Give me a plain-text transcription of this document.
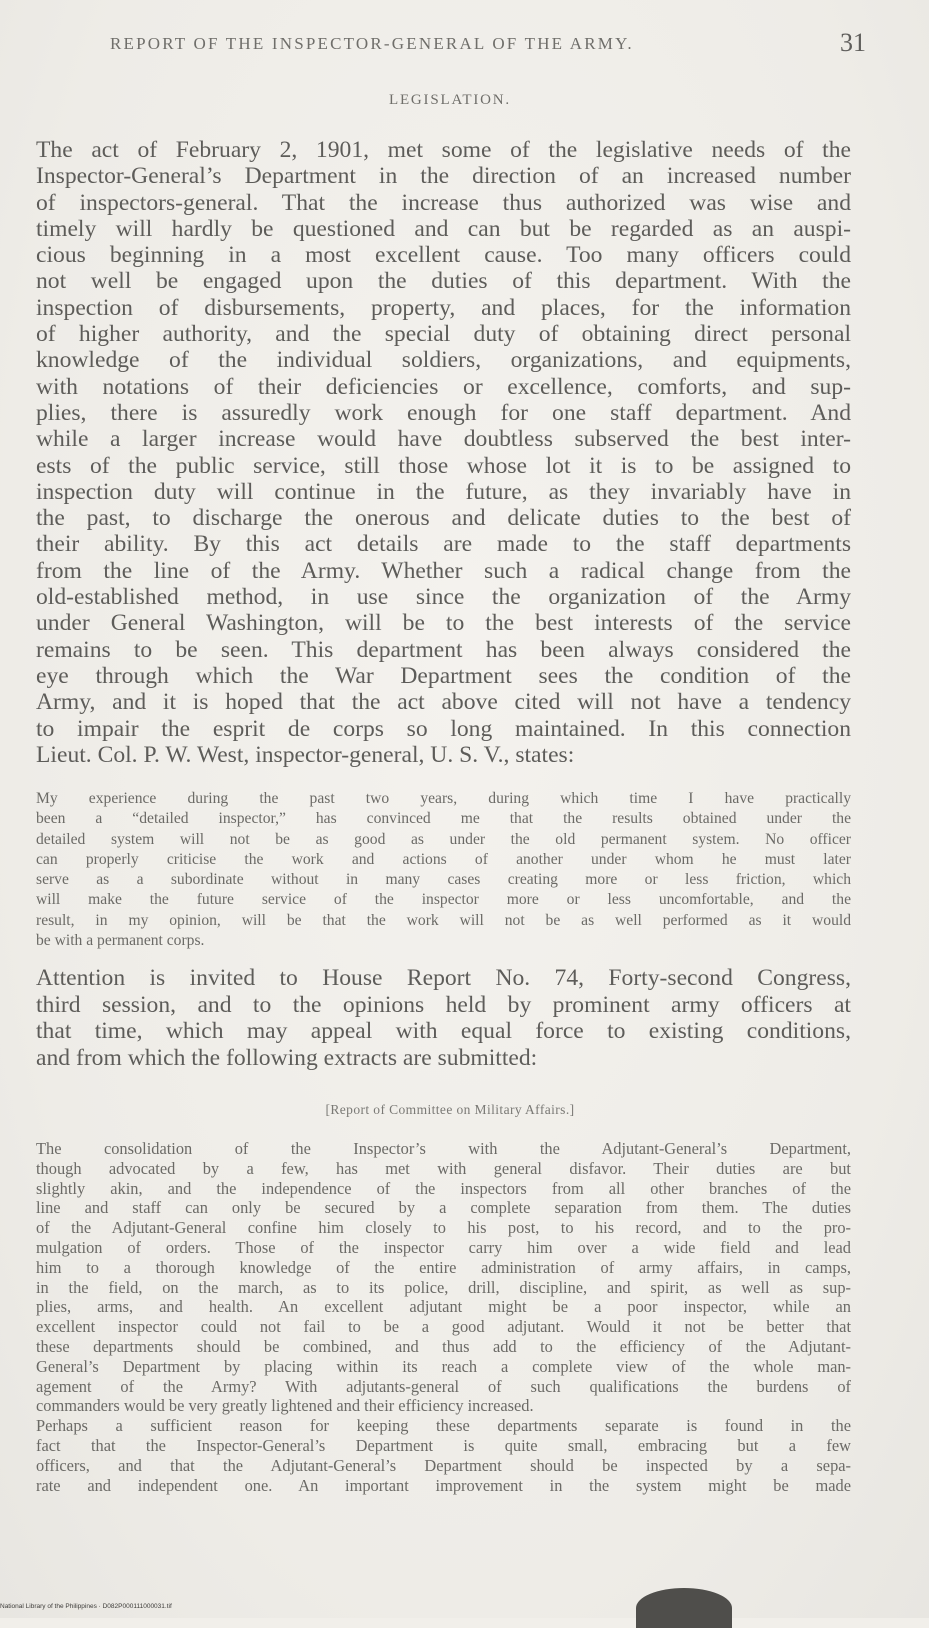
REPORT OF THE INSPECTOR-GENERAL OF THE ARMY.	31
LEGISLATION.
The act of February 2, 1901, met some of the legislative needs of the
Inspector-General’s Department in the direction of an increased number
of inspectors-general. That the increase thus authorized was wise and
timely will hardly be questioned and can but be regarded as an auspi-
cious beginning in a most excellent cause. Too many officers could
not well be engaged upon the duties of this department. With the
inspection of disbursements, property, and places, for the information
of higher authority, and the special duty of obtaining direct personal
knowledge of the individual soldiers, organizations, and equipments,
with notations of their deficiencies or excellence, comforts, and sup-
plies, there is assuredly work enough for one staff department. And
while a larger increase would have doubtless subserved the best inter-
ests of the public service, still those whose lot it is to be assigned to
inspection duty will continue in the future, as they invariably have in
the past, to discharge the onerous and delicate duties to the best of
their ability. By this act details are made to the staff departments
from the line of the Army. Whether such a radical change from the
old-established method, in use since the organization of the Army
under General Washington, will be to the best interests of the service
remains to be seen. This department has been always considered the
eye through which the War Department sees the condition of the
Army, and it is hoped that the act above cited will not have a tendency
to impair the esprit de corps so long maintained. In this connection
Lieut. Col. P. W. West, inspector-general, U. S. V., states:
My experience during the past two years, during which time I have practically
been a “detailed inspector,” has convinced me that the results obtained under the
detailed system will not be as good as under the old permanent system. No officer
can properly criticise the work and actions of another under whom he must later
serve as a subordinate without in many cases creating more or less friction, which
will make the future service of the inspector more or less uncomfortable, and the
result, in my opinion, will be that the work will not be as well performed as it would
be with a permanent corps.
Attention is invited to House Report No. 74, Forty-second Congress,
third session, and to the opinions held by prominent army officers at
that time, which may appeal with equal force to existing conditions,
and from which the following extracts are submitted:
[Report of Committee on Military Affairs.]
The consolidation of the Inspector’s with the Adjutant-General’s Department,
though advocated by a few, has met with general disfavor. Their duties are but
slightly akin, and the independence of the inspectors from all other branches of the
line and staff can only be secured by a complete separation from them. The duties
of the Adjutant-General confine him closely to his post, to his record, and to the pro-
mulgation of orders. Those of the inspector carry him over a wide field and lead
him to a thorough knowledge of the entire administration of army affairs, in camps,
in the field, on the march, as to its police, drill, discipline, and spirit, as well as sup-
plies, arms, and health. An excellent adjutant might be a poor inspector, while an
excellent inspector could not fail to be a good adjutant. Would it not be better that
these departments should be combined, and thus add to the efficiency of the Adjutant-
General’s Department by placing within its reach a complete view of the whole man-
agement of the Army? With adjutants-general of such qualifications the burdens of
commanders would be very greatly lightened and their efficiency increased.
Perhaps a sufficient reason for keeping these departments separate is found in the
fact that the Inspector-General’s Department is quite small, embracing but a few
officers, and that the Adjutant-General’s Department should be inspected by a sepa-
rate and independent one. An important improvement in the system might be made
National Library of the Philippines · D082P000111000031.tif
